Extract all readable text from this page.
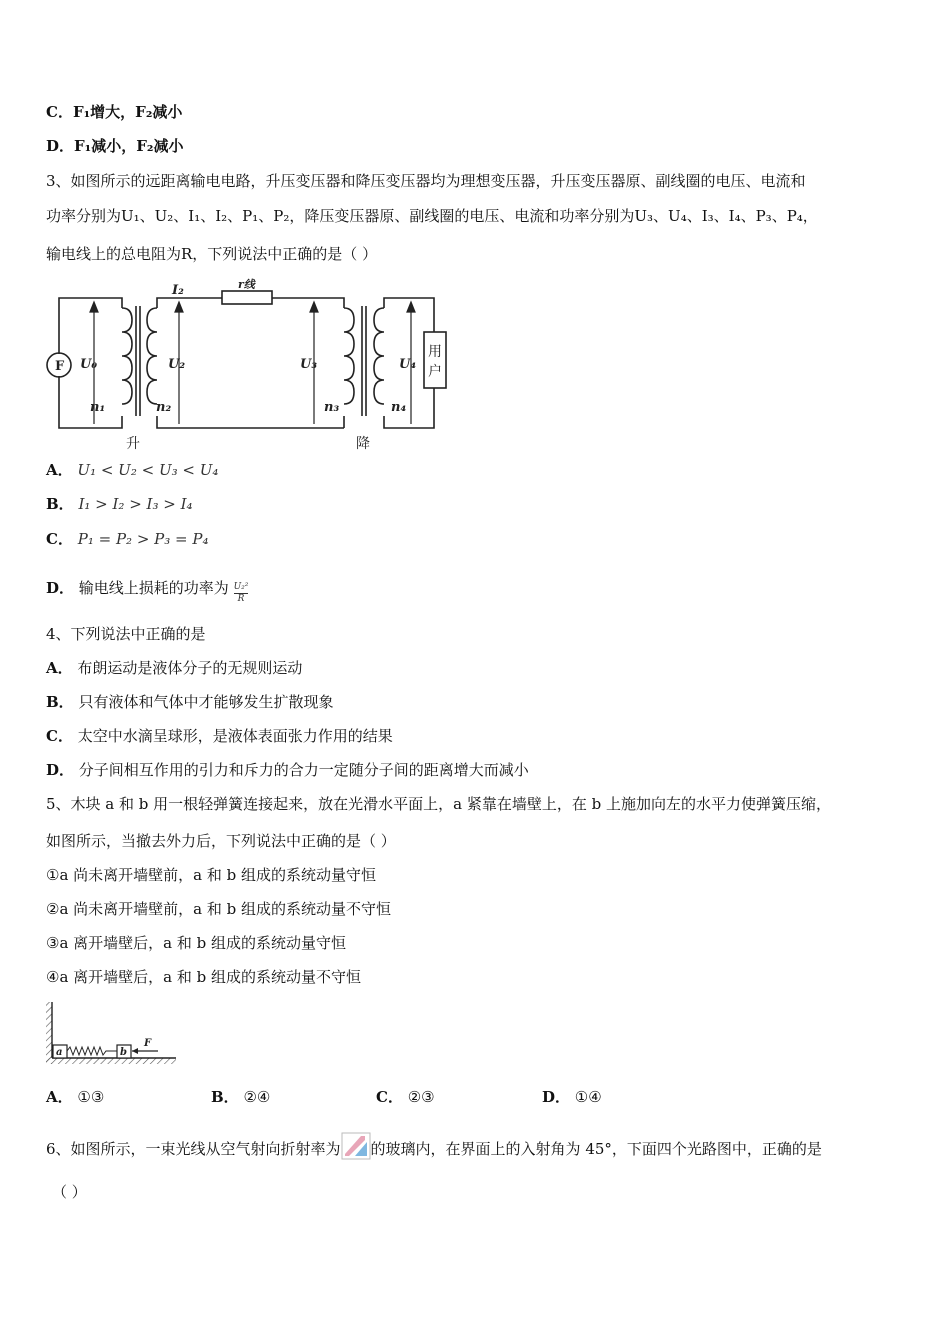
C．F₁增大，F₂减小
D．F₁减小，F₂减小
3、如图所示的远距离输电电路，升压变压器和降压变压器均为理想变压器，升压变压器原、副线圈的电压、电流和
功率分别为U₁、U₂、I₁、I₂、P₁、P₂，降压变压器原、副线圈的电压、电流和功率分别为U₃、U₄、I₃、I₄、P₃、P₄，
输电线上的总电阻为R，下列说法中正确的是（ ）
F
I₂	r线
U₀	U₂	U₃	U₄
n₁	n₂	n₃	n₄
用
户
升	降
A． U₁ < U₂ < U₃ < U₄
B． I₁ > I₂ > I₃ > I₄
C． P₁ = P₂ > P₃ = P₄
D． 输电线上损耗的功率为 $\frac{\text{U₂²}}{R}$
4、下列说法中正确的是
A． 布朗运动是液体分子的无规则运动
B． 只有液体和气体中才能够发生扩散现象
C． 太空中水滴呈球形，是液体表面张力作用的结果
D． 分子间相互作用的引力和斥力的合力一定随分子间的距离增大而减小
5、木块 a 和 b 用一根轻弹簧连接起来，放在光滑水平面上，a 紧靠在墙壁上，在 b 上施加向左的水平力使弹簧压缩，
如图所示，当撤去外力后，下列说法中正确的是（ ）
①a 尚未离开墙壁前，a 和 b 组成的系统动量守恒
②a 尚未离开墙壁前，a 和 b 组成的系统动量不守恒
③a 离开墙壁后，a 和 b 组成的系统动量守恒
④a 离开墙壁后，a 和 b 组成的系统动量不守恒
a	b
F
A． ①③	B． ②④	C． ②③	D． ①④
6、如图所示，一束光线从空气射向折射率为 的玻璃内，在界面上的入射角为 45°，下面四个光路图中，正确的是
（ ）
